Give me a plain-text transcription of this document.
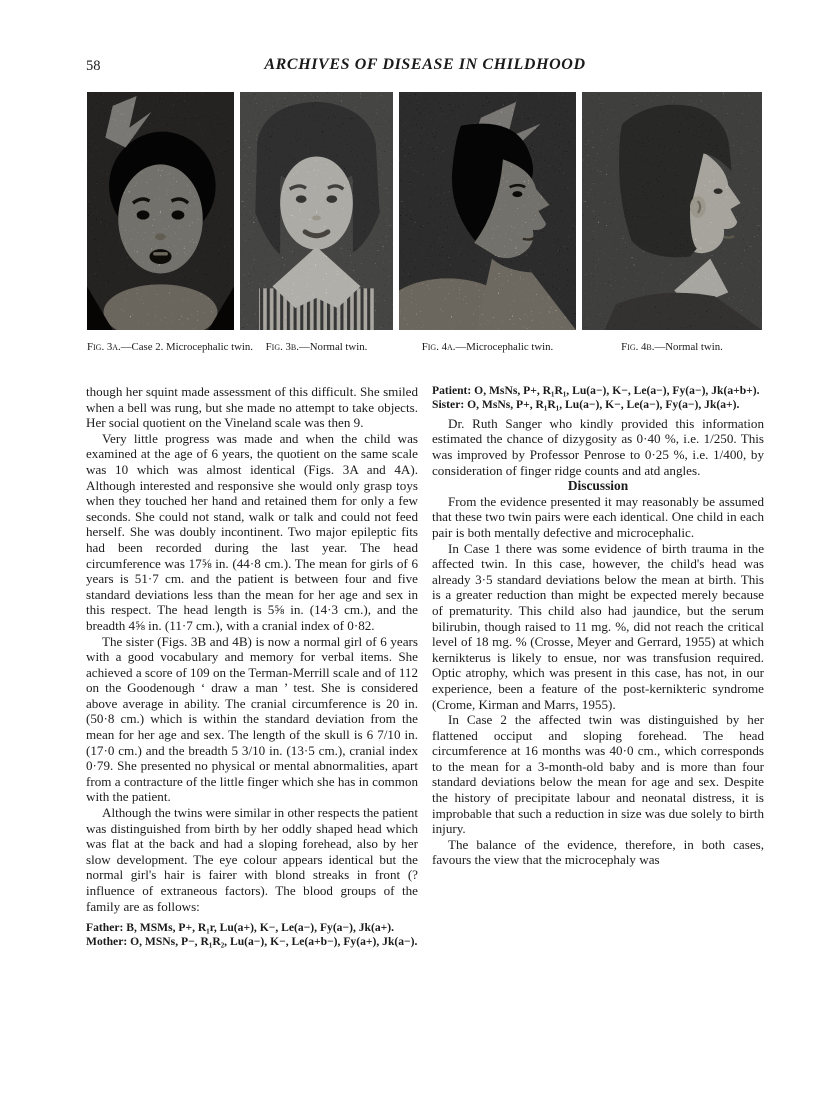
58	ARCHIVES OF DISEASE IN CHILDHOOD
Fig. 3a.—Case 2. Microcephalic twin.	Fig. 3b.—Normal twin.	Fig. 4a.—Microcephalic twin.	Fig. 4b.—Normal twin.

though her squint made assessment of this difficult. She smiled when a bell was rung, but she made no attempt to take objects. Her social quotient on the Vineland scale was then 9.

Very little progress was made and when the child was examined at the age of 6 years, the quotient on the same scale was 10 which was almost identical (Figs. 3A and 4A). Although interested and responsive she would only grasp toys when they touched her hand and retained them for only a few seconds. She could not stand, walk or talk and could not feed herself. She was doubly incontinent. Two major epileptic fits had been recorded during the last year. The head circumference was 17⅝ in. (44·8 cm.). The mean for girls of 6 years is 51·7 cm. and the patient is between four and five standard deviations less than the mean for her age and sex in this respect. The head length is 5⅝ in. (14·3 cm.), and the breadth 4⅝ in. (11·7 cm.), with a cranial index of 0·82.

The sister (Figs. 3B and 4B) is now a normal girl of 6 years with a good vocabulary and memory for verbal items. She achieved a score of 109 on the Terman-Merrill scale and of 112 on the Goodenough ‘ draw a man ’ test. She is considered above average in ability. The cranial circumference is 20 in. (50·8 cm.) which is within the standard deviation from the mean for her age and sex. The length of the skull is 6 7/10 in. (17·0 cm.) and the breadth 5 3/10 in. (13·5 cm.), cranial index 0·79. She presented no physical or mental abnormalities, apart from a contracture of the little finger which she has in common with the patient.

Although the twins were similar in other respects the patient was distinguished from birth by her oddly shaped head which was flat at the back and had a sloping forehead, also by her slow development. The eye colour appears identical but the normal girl's hair is fairer with blond streaks in front (? influence of extraneous factors). The blood groups of the family are as follows:

Father: B, MSMs, P+, R₁r, Lu(a+), K−, Le(a−), Fy(a−), Jk(a+).
Mother: O, MSNs, P−, R₁R₂, Lu(a−), K−, Le(a+b−), Fy(a+), Jk(a−).
Patient: O, MsNs, P+, R₁R₁, Lu(a−), K−, Le(a−), Fy(a−), Jk(a+b+).
Sister: O, MsNs, P+, R₁R₁, Lu(a−), K−, Le(a−), Fy(a−), Jk(a+).

Dr. Ruth Sanger who kindly provided this information estimated the chance of dizygosity as 0·40 %, i.e. 1/250. This was improved by Professor Penrose to 0·25 %, i.e. 1/400, by consideration of finger ridge counts and atd angles.

Discussion

From the evidence presented it may reasonably be assumed that these two twin pairs were each identical. One child in each pair is both mentally defective and microcephalic.

In Case 1 there was some evidence of birth trauma in the affected twin. In this case, however, the child's head was already 3·5 standard deviations below the mean at birth. This is a greater reduction than might be expected merely because of prematurity. This child also had jaundice, but the serum bilirubin, though raised to 11 mg. %, did not reach the critical level of 18 mg. % (Crosse, Meyer and Gerrard, 1955) at which kernikterus is likely to ensue, nor was transfusion required. Optic atrophy, which was present in this case, has not, in our experience, been a feature of the post-kernikteric syndrome (Crome, Kirman and Marrs, 1955).

In Case 2 the affected twin was distinguished by her flattened occiput and sloping forehead. The head circumference at 16 months was 40·0 cm., which corresponds to the mean for a 3-month-old baby and is more than four standard deviations below the mean for age and sex. Despite the history of precipitate labour and neonatal distress, it is improbable that such a reduction in size was due solely to birth injury.

The balance of the evidence, therefore, in both cases, favours the view that the microcephaly was
